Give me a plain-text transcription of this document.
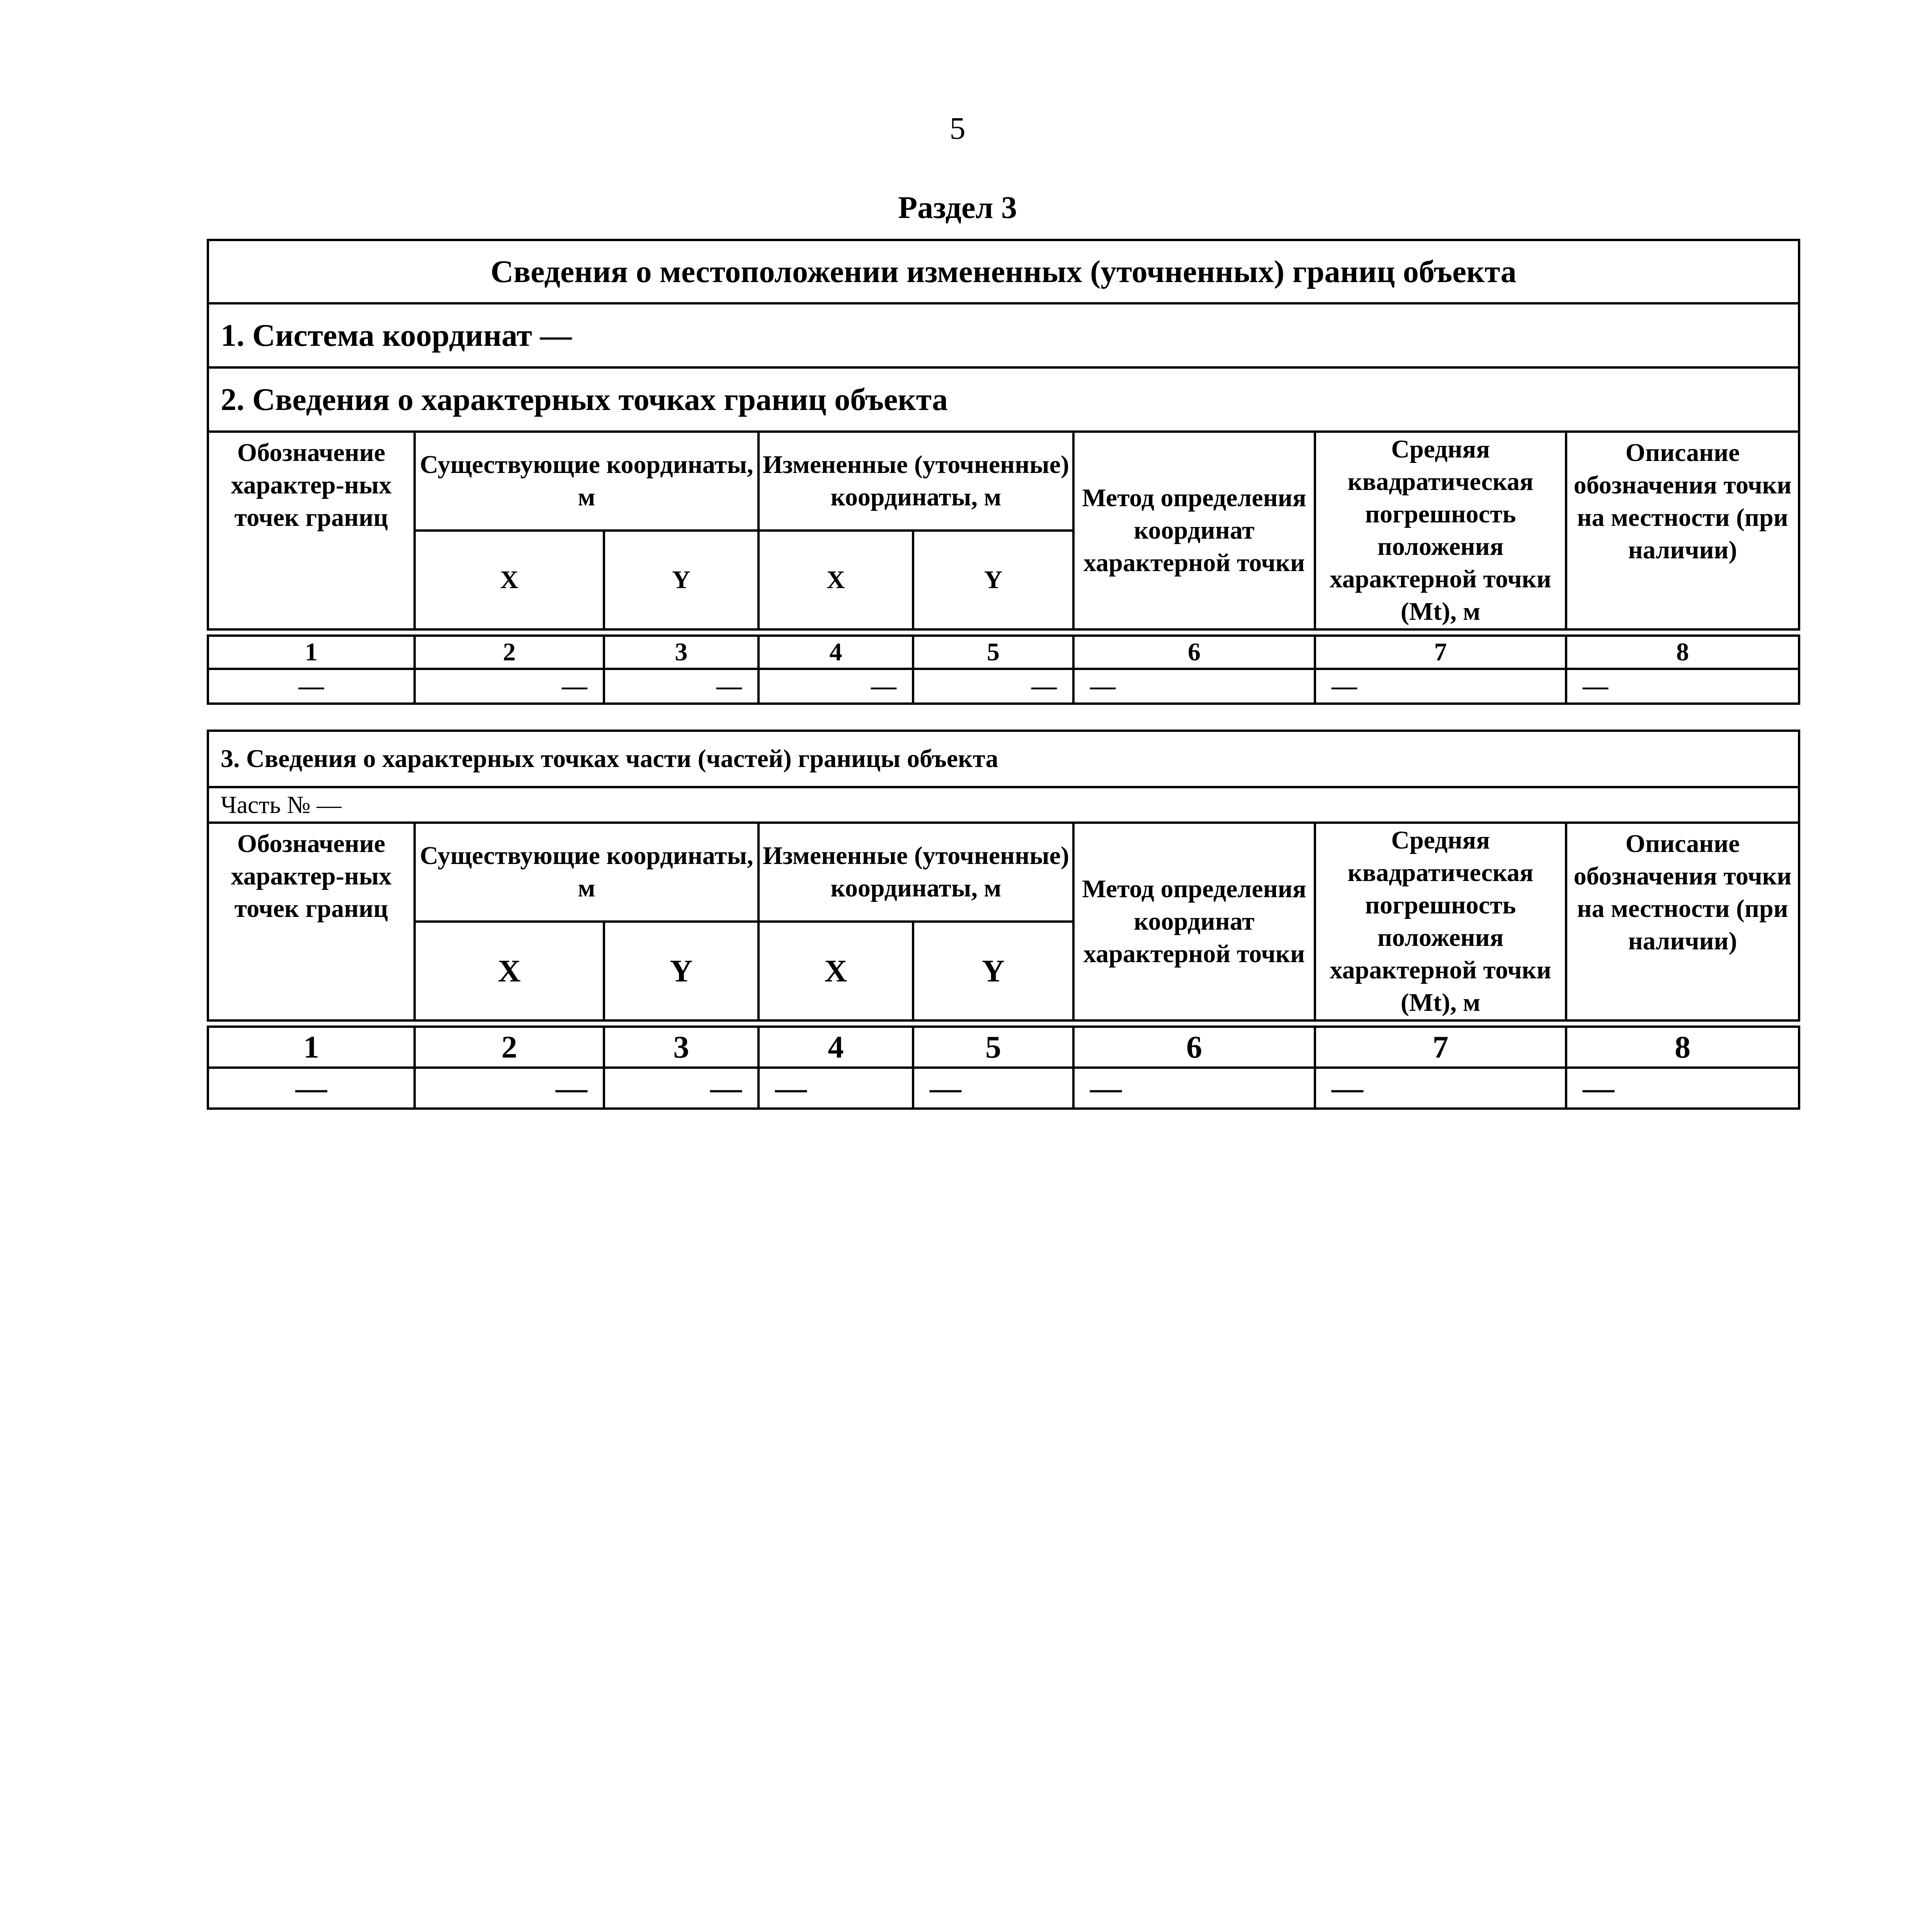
5
Раздел 3
Сведения о местоположении измененных (уточненных) границ объекта							
1. Система координат —							
2. Сведения о характерных точках границ объекта							
Обозначение характер-ных точек границ	Существующие координаты, м		Измененные (уточненные) координаты, м		Метод определения координат характерной точки	Средняя квадратическая погрешность положения характерной точки (Mt), м	Описание обозначения точки на местности (при наличии)
	X	Y	X	Y			

1	2	3	4	5	6	7	8
—	—	—	—	—	—	—	—
3. Сведения о характерных точках части (частей) границы объекта							
Часть № —							
Обозначение характер-ных точек границ	Существующие координаты, м		Измененные (уточненные) координаты, м		Метод определения координат характерной точки	Средняя квадратическая погрешность положения характерной точки (Mt), м	Описание обозначения точки на местности (при наличии)
	X	Y	X	Y			

1	2	3	4	5	6	7	8
—	—	—	—	—	—	—	—
